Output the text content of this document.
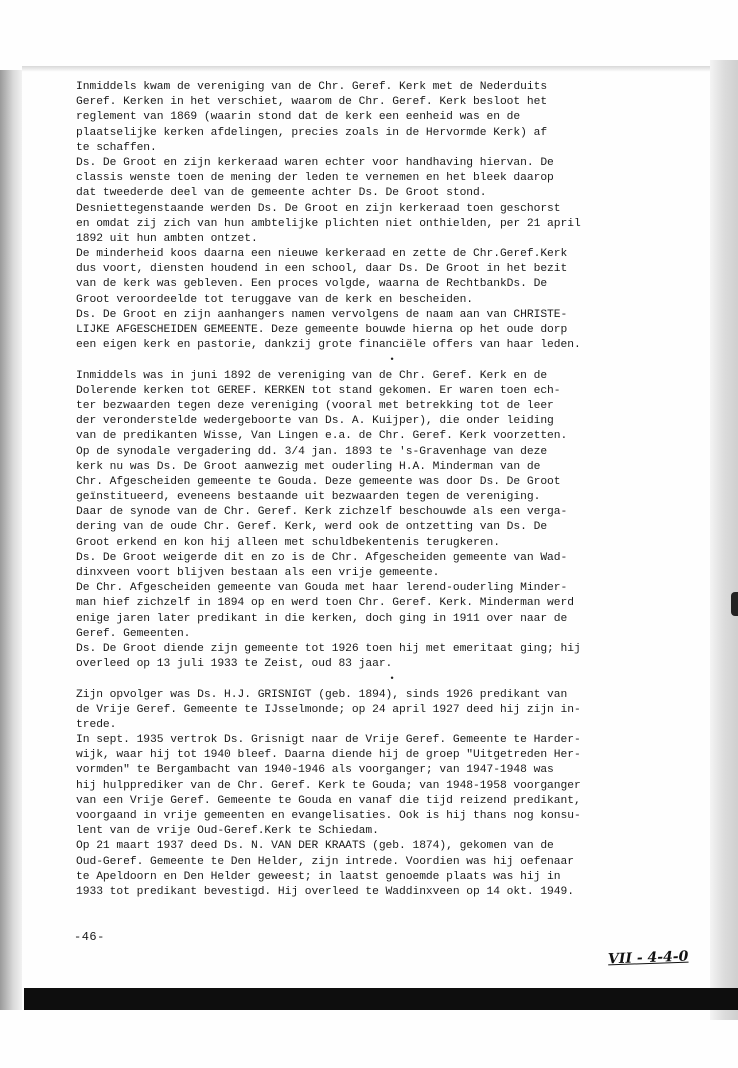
Inmiddels kwam de vereniging van de Chr. Geref. Kerk met de Nederduits
Geref. Kerken in het verschiet, waarom de Chr. Geref. Kerk besloot het
reglement van 1869 (waarin stond dat de kerk een eenheid was en de
plaatselijke kerken afdelingen, precies zoals in de Hervormde Kerk) af
te schaffen.
Ds. De Groot en zijn kerkeraad waren echter voor handhaving hiervan. De
classis wenste toen de mening der leden te vernemen en het bleek daarop
dat tweederde deel van de gemeente achter Ds. De Groot stond.
Desniettegenstaande werden Ds. De Groot en zijn kerkeraad toen geschorst
en omdat zij zich van hun ambtelijke plichten niet onthielden, per 21 april
1892 uit hun ambten ontzet.
De minderheid koos daarna een nieuwe kerkeraad en zette de Chr.Geref.Kerk
dus voort, diensten houdend in een school, daar Ds. De Groot in het bezit
van de kerk was gebleven. Een proces volgde, waarna de RechtbankDs. De
Groot veroordeelde tot teruggave van de kerk en bescheiden.
Ds. De Groot en zijn aanhangers namen vervolgens de naam aan van CHRISTE-
LIJKE AFGESCHEIDEN GEMEENTE. Deze gemeente bouwde hierna op het oude dorp
een eigen kerk en pastorie, dankzij grote financiële offers van haar leden.
•
Inmiddels was in juni 1892 de vereniging van de Chr. Geref. Kerk en de
Dolerende kerken tot GEREF. KERKEN tot stand gekomen. Er waren toen ech-
ter bezwaarden tegen deze vereniging (vooral met betrekking tot de leer
der veronderstelde wedergeboorte van Ds. A. Kuijper), die onder leiding
van de predikanten Wisse, Van Lingen e.a. de Chr. Geref. Kerk voorzetten.
Op de synodale vergadering dd. 3/4 jan. 1893 te 's-Gravenhage van deze
kerk nu was Ds. De Groot aanwezig met ouderling H.A. Minderman van de
Chr. Afgescheiden gemeente te Gouda. Deze gemeente was door Ds. De Groot
geïnstitueerd, eveneens bestaande uit bezwaarden tegen de vereniging.
Daar de synode van de Chr. Geref. Kerk zichzelf beschouwde als een verga-
dering van de oude Chr. Geref. Kerk, werd ook de ontzetting van Ds. De
Groot erkend en kon hij alleen met schuldbekentenis terugkeren.
Ds. De Groot weigerde dit en zo is de Chr. Afgescheiden gemeente van Wad-
dinxveen voort blijven bestaan als een vrije gemeente.
De Chr. Afgescheiden gemeente van Gouda met haar lerend-ouderling Minder-
man hief zichzelf in 1894 op en werd toen Chr. Geref. Kerk. Minderman werd
enige jaren later predikant in die kerken, doch ging in 1911 over naar de
Geref. Gemeenten.
Ds. De Groot diende zijn gemeente tot 1926 toen hij met emeritaat ging; hij
overleed op 13 juli 1933 te Zeist, oud 83 jaar.
•
Zijn opvolger was Ds. H.J. GRISNIGT (geb. 1894), sinds 1926 predikant van
de Vrije Geref. Gemeente te IJsselmonde; op 24 april 1927 deed hij zijn in-
trede.
In sept. 1935 vertrok Ds. Grisnigt naar de Vrije Geref. Gemeente te Harder-
wijk, waar hij tot 1940 bleef. Daarna diende hij de groep "Uitgetreden Her-
vormden" te Bergambacht van 1940-1946 als voorganger; van 1947-1948 was
hij hulpprediker van de Chr. Geref. Kerk te Gouda; van 1948-1958 voorganger
van een Vrije Geref. Gemeente te Gouda en vanaf die tijd reizend predikant,
voorgaand in vrije gemeenten en evangelisaties. Ook is hij thans nog konsu-
lent van de vrije Oud-Geref.Kerk te Schiedam.
Op 21 maart 1937 deed Ds. N. VAN DER KRAATS (geb. 1874), gekomen van de
Oud-Geref. Gemeente te Den Helder, zijn intrede. Voordien was hij oefenaar
te Apeldoorn en Den Helder geweest; in laatst genoemde plaats was hij in
1933 tot predikant bevestigd. Hij overleed te Waddinxveen op 14 okt. 1949.
-46-
VII - 4-4-0
